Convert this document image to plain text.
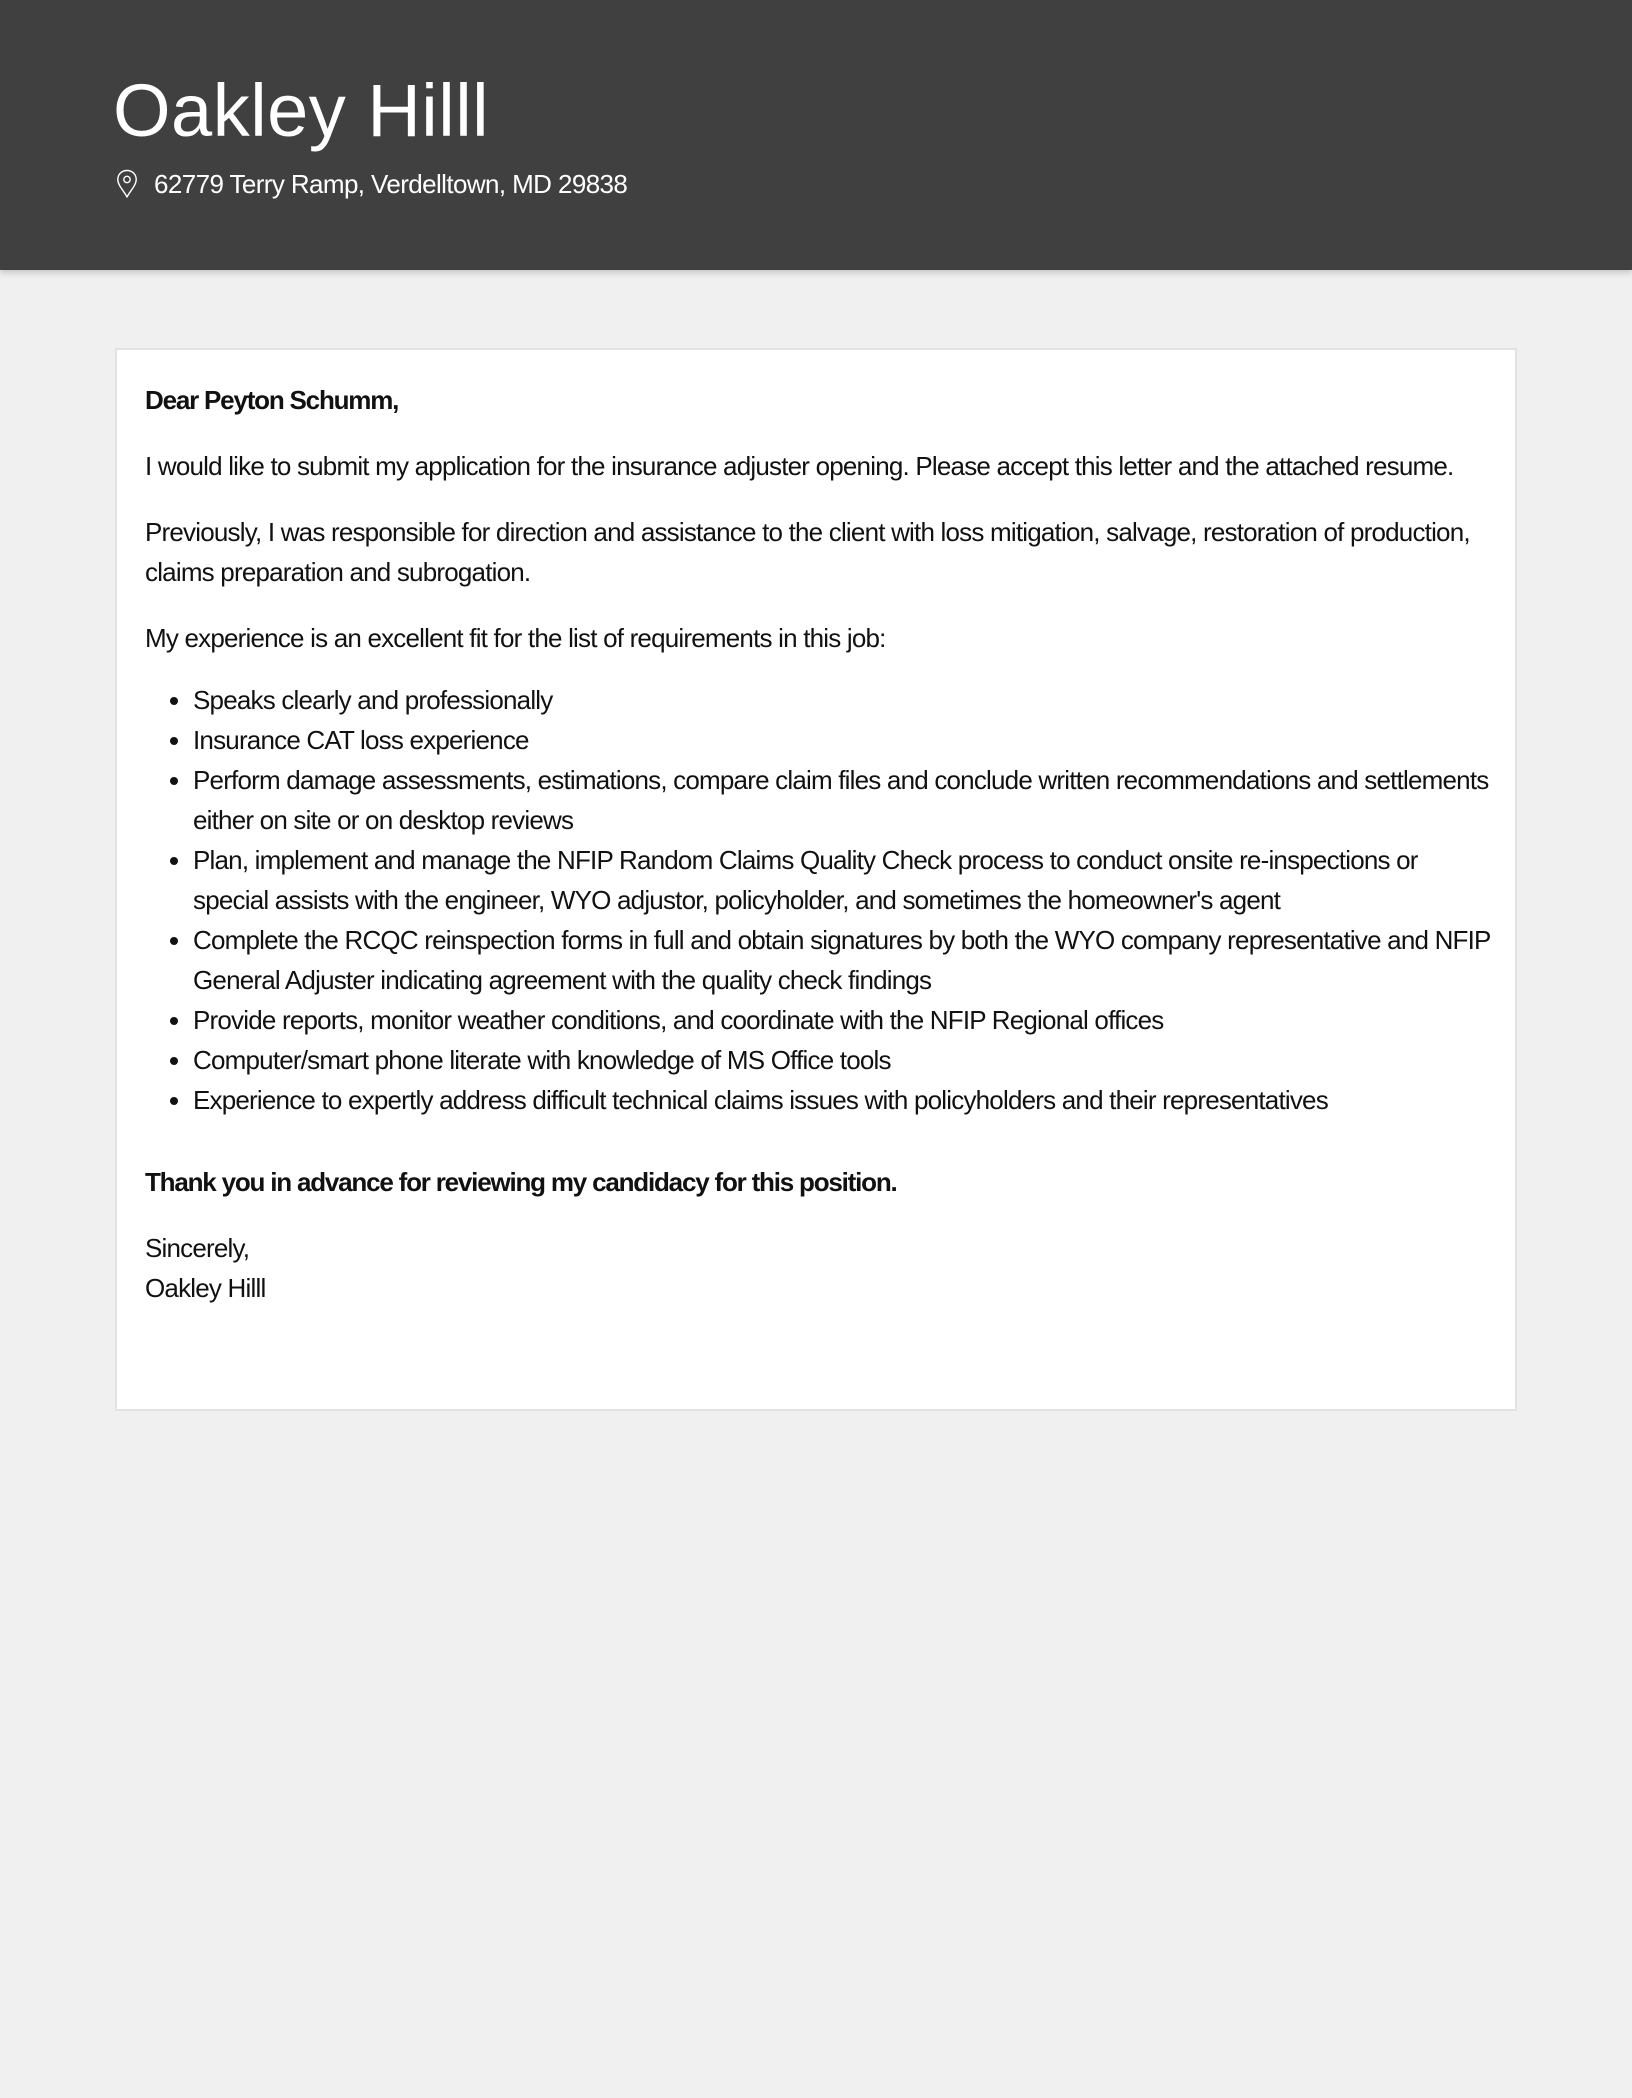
Oakley Hilll
62779 Terry Ramp, Verdelltown, MD 29838

Dear Peyton Schumm,

I would like to submit my application for the insurance adjuster opening. Please accept this letter and the attached resume.

Previously, I was responsible for direction and assistance to the client with loss mitigation, salvage, restoration of production, claims preparation and subrogation.

My experience is an excellent fit for the list of requirements in this job:

• Speaks clearly and professionally
• Insurance CAT loss experience
• Perform damage assessments, estimations, compare claim files and conclude written recommendations and settlements either on site or on desktop reviews
• Plan, implement and manage the NFIP Random Claims Quality Check process to conduct onsite re-inspections or special assists with the engineer, WYO adjustor, policyholder, and sometimes the homeowner's agent
• Complete the RCQC reinspection forms in full and obtain signatures by both the WYO company representative and NFIP General Adjuster indicating agreement with the quality check findings
• Provide reports, monitor weather conditions, and coordinate with the NFIP Regional offices
• Computer/smart phone literate with knowledge of MS Office tools
• Experience to expertly address difficult technical claims issues with policyholders and their representatives

Thank you in advance for reviewing my candidacy for this position.

Sincerely,

Oakley Hilll
